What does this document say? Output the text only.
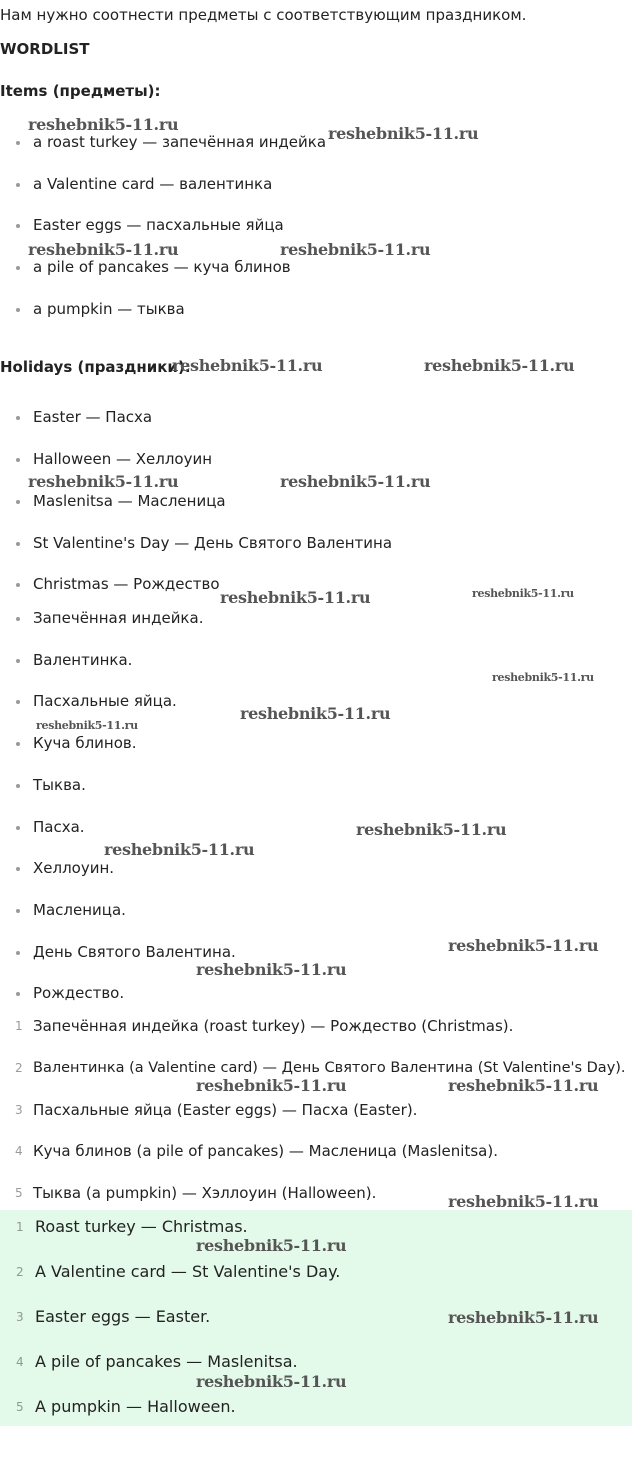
Нам нужно соотнести предметы с соответствующим праздником.
WORDLIST
Items (предметы):
a roast turkey — запечённая индейка
a Valentine card — валентинка
Easter eggs — пасхальные яйца
a pile of pancakes — куча блинов
a pumpkin — тыква
Holidays (праздники):
Easter — Пасха
Halloween — Хеллоуин
Maslenitsa — Масленица
St Valentine's Day — День Святого Валентина
Christmas — Рождество
Запечённая индейка.
Валентинка.
Пасхальные яйца.
Куча блинов.
Тыква.
Пасха.
Хеллоуин.
Масленица.
День Святого Валентина.
Рождество.
1 Запечённая индейка (roast turkey) — Рождество (Christmas).
2 Валентинка (a Valentine card) — День Святого Валентина (St Valentine's Day).
3 Пасхальные яйца (Easter eggs) — Пасха (Easter).
4 Куча блинов (a pile of pancakes) — Масленица (Maslenitsa).
5 Тыква (a pumpkin) — Хэллоуин (Halloween).
1 Roast turkey — Christmas.
2 A Valentine card — St Valentine's Day.
3 Easter eggs — Easter.
4 A pile of pancakes — Maslenitsa.
5 A pumpkin — Halloween.
reshebnik5-11.ru	reshebnik5-11.ru
reshebnik5-11.ru	reshebnik5-11.ru
reshebnik5-11.ru	reshebnik5-11.ru
reshebnik5-11.ru	reshebnik5-11.ru
reshebnik5-11.ru	reshebnik5-11.ru
reshebnik5-11.ru
reshebnik5-11.ru
reshebnik5-11.ru
reshebnik5-11.ru
reshebnik5-11.ru
reshebnik5-11.ru
reshebnik5-11.ru
reshebnik5-11.ru	reshebnik5-11.ru
reshebnik5-11.ru
reshebnik5-11.ru
reshebnik5-11.ru
reshebnik5-11.ru
